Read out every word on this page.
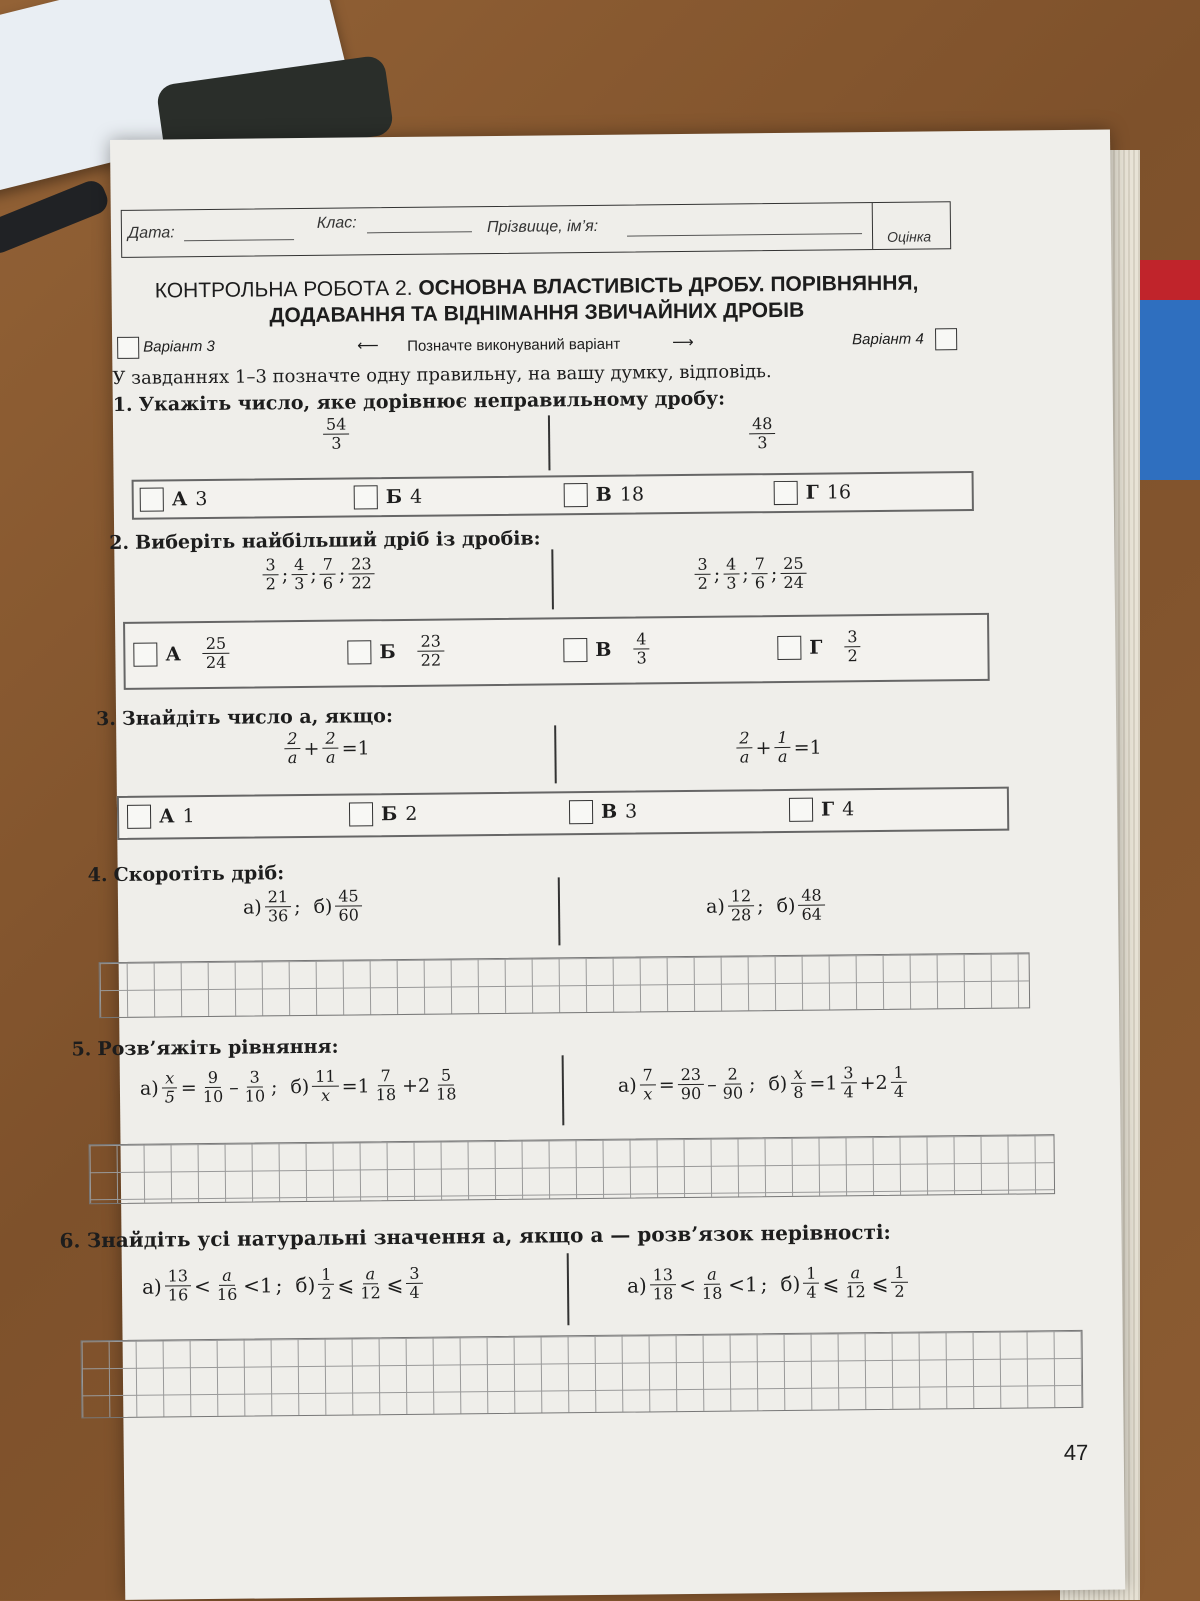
Дата:
Клас:	Прізвище, ім’я:
Оцінка
КОНТРОЛЬНА РОБОТА 2. ОСНОВНА ВЛАСТИВІСТЬ ДРОБУ. ПОРІВНЯННЯ,
ДОДАВАННЯ ТА ВІДНІМАННЯ ЗВИЧАЙНИХ ДРОБІВ
Варіант 3	⟵ Позначте виконуваний варіант	⟶	Варіант 4
У завданнях 1–3 позначте одну правильну, на вашу думку, відповідь.
1. Укажіть число, яке дорівнює неправильному дробу:
$\frac{54}{3}$	$\frac{48}{3}$
А 3	Б 4	В 18	Г 16
2. Виберіть найбільший дріб із дробів:
$\frac{3}{2}$ ; $\frac{4}{3}$ ; $\frac{7}{6}$ ; $\frac{23}{22}$	$\frac{3}{2}$ ; $\frac{4}{3}$ ; $\frac{7}{6}$ ; $\frac{25}{24}$
А $\frac{25}{24}$	Б $\frac{23}{22}$	В $\frac{4}{3}$	Г $\frac{3}{2}$
3. Знайдіть число a, якщо:
$\frac{2}{a} + \frac{2}{a} =1$	$\frac{2}{a} + \frac{1}{a} =1$
А 1	Б 2	В 3	Г 4
4. Скоротіть дріб:
$а) \frac{21}{36}$ ; $б) \frac{45}{60}$	$а) \frac{12}{28}$ ; $б) \frac{48}{64}$
5. Розв’яжіть рівняння:
$а) \frac{x}{5} = \frac{9}{10} - \frac{3}{10}$ ; $б) \frac{11}{x} =1 \frac{7}{18} +2 \frac{5}{18}$	$а) \frac{7}{x} = \frac{23}{90} - \frac{2}{90}$ ; $б) \frac{x}{8} =1 \frac{3}{4} +2 \frac{1}{4}$
6. Знайдіть усі натуральні значення a, якщо a — розв’язок нерівності:
$а) \frac{13}{16} < \frac{a}{16} <1$ ; $б) \frac{1}{2}$ ⩽ $\frac{a}{12}$ ⩽ $\frac{3}{4}$	$а) \frac{13}{18} < \frac{a}{18} <1$ ; $б) \frac{1}{4}$ ⩽ $\frac{a}{12}$ ⩽ $\frac{1}{2}$
47
